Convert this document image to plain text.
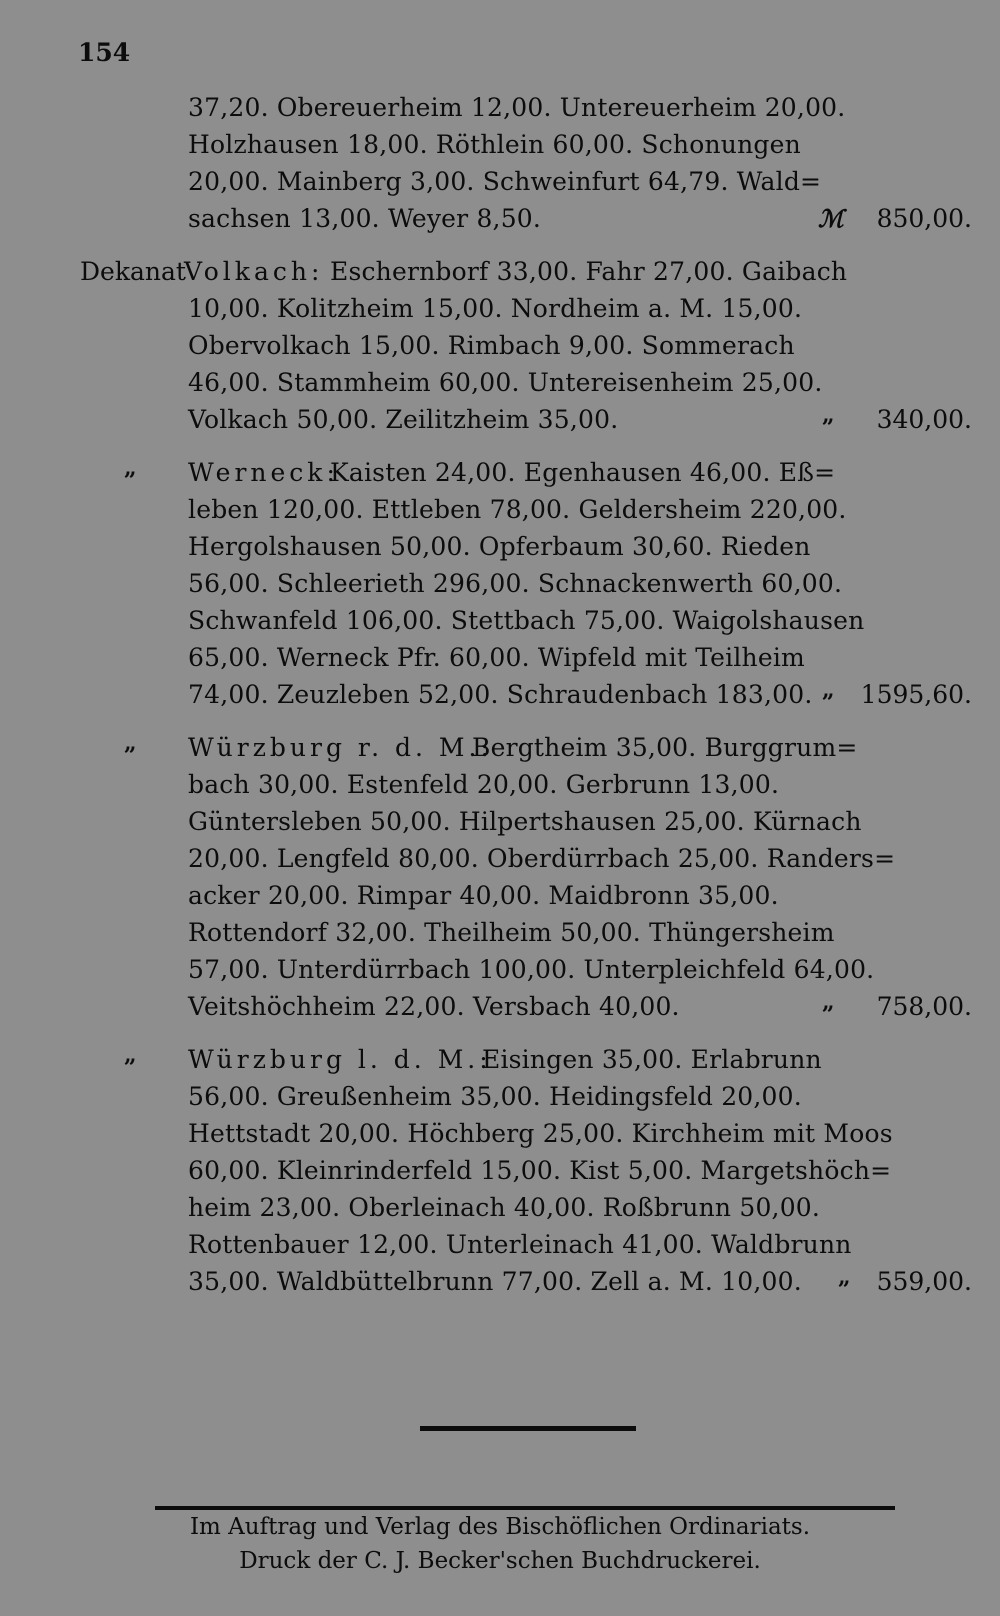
154
37,20. Obereuerheim 12,00. Untereuerheim 20,00.
Holzhausen 18,00. Röthlein 60,00. Schonungen
20,00. Mainberg 3,00. Schweinfurt 64,79. Wald=
sachsen 13,00. Weyer 8,50.	ℳ 850,00.
Dekanat
Volkach: Eschernborf 33,00. Fahr 27,00. Gaibach
10,00. Kolitzheim 15,00. Nordheim a. M. 15,00.
Obervolkach 15,00. Rimbach 9,00. Sommerach
46,00. Stammheim 60,00. Untereisenheim 25,00.
Volkach 50,00. Zeilitzheim 35,00.	„ 340,00.
„ Werneck:
Kaisten 24,00. Egenhausen 46,00. Eß=
leben 120,00. Ettleben 78,00. Geldersheim 220,00.
Hergolshausen 50,00. Opferbaum 30,60. Rieden
56,00. Schleerieth 296,00. Schnackenwerth 60,00.
Schwanfeld 106,00. Stettbach 75,00. Waigolshausen
65,00. Werneck Pfr. 60,00. Wipfeld mit Teilheim
74,00. Zeuzleben 52,00. Schraudenbach 183,00. „ 1595,60.
„ Würzburg r. d. M.:
Bergtheim 35,00. Burggrum=
bach 30,00. Estenfeld 20,00. Gerbrunn 13,00.
Güntersleben 50,00. Hilpertshausen 25,00. Kürnach
20,00. Lengfeld 80,00. Oberdürrbach 25,00. Randers=
acker 20,00. Rimpar 40,00. Maidbronn 35,00.
Rottendorf 32,00. Theilheim 50,00. Thüngersheim
57,00. Unterdürrbach 100,00. Unterpleichfeld 64,00.
Veitshöchheim 22,00. Versbach 40,00.	„ 758,00.
„ Würzburg l. d. M.:
Eisingen 35,00. Erlabrunn
56,00. Greußenheim 35,00. Heidingsfeld 20,00.
Hettstadt 20,00. Höchberg 25,00. Kirchheim mit Moos
60,00. Kleinrinderfeld 15,00. Kist 5,00. Margetshöch=
heim 23,00. Oberleinach 40,00. Roßbrunn 50,00.
Rottenbauer 12,00. Unterleinach 41,00. Waldbrunn
35,00. Waldbüttelbrunn 77,00. Zell a. M. 10,00. „ 559,00.
Im Auftrag und Verlag des Bischöflichen Ordinariats.
Druck der C. J. Becker'schen Buchdruckerei.
